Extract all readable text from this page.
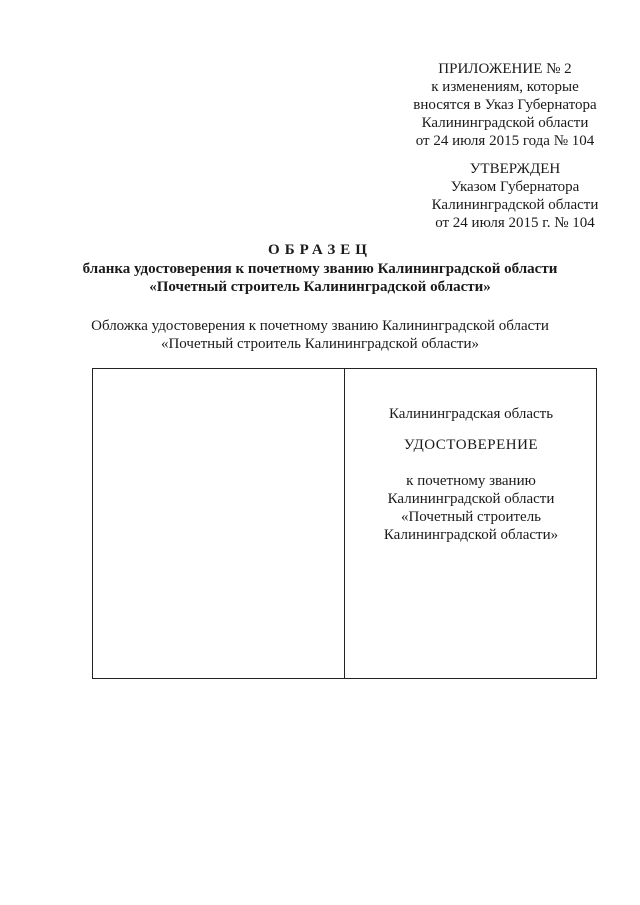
ПРИЛОЖЕНИЕ № 2
к изменениям, которые
вносятся в Указ Губернатора
Калининградской области
от 24 июля 2015 года № 104
УТВЕРЖДЕН
Указом Губернатора
Калининградской области
от 24 июля 2015 г. № 104
ОБРАЗЕЦ
бланка удостоверения к почетному званию Калининградской области
«Почетный строитель Калининградской области»
Обложка удостоверения к почетному званию Калининградской области
«Почетный строитель Калининградской области»
Калининградская область
УДОСТОВЕРЕНИЕ
к почетному званию
Калининградской области
«Почетный строитель
Калининградской области»
